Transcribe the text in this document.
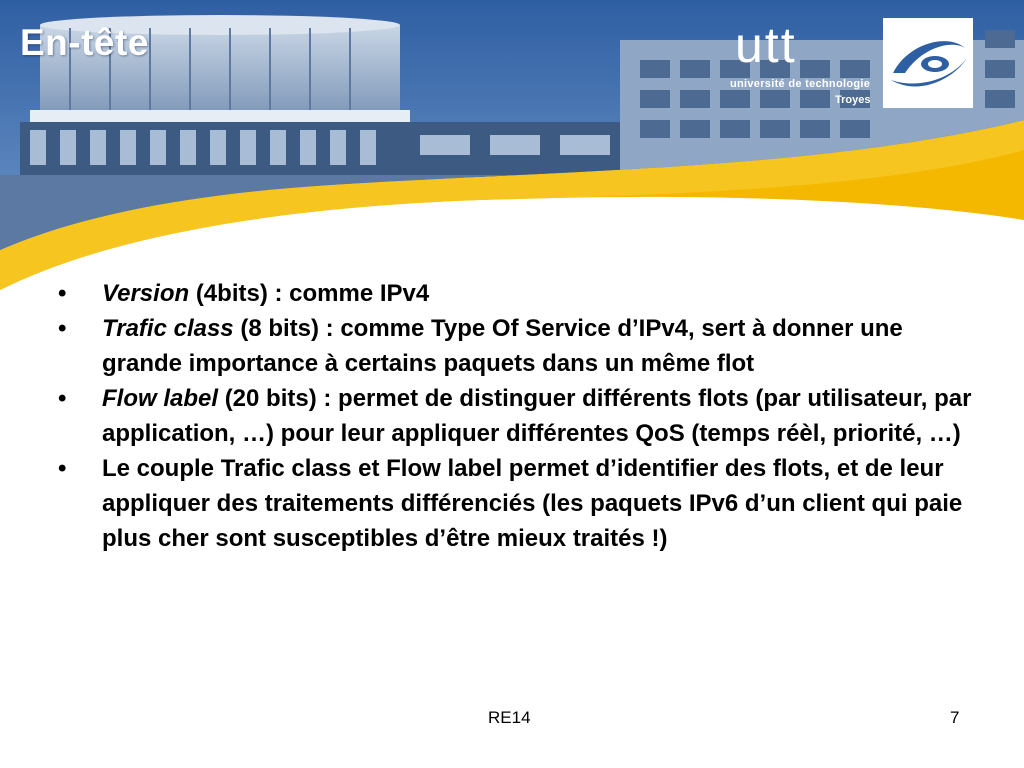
En-tête	utt
université de technologie
Troyes
• Version (4bits) : comme IPv4
• Trafic class (8 bits) : comme Type Of Service d’IPv4, sert à donner une grande importance à certains paquets dans un même flot
• Flow label (20 bits) : permet de distinguer différents flots (par utilisateur, par application, …) pour leur appliquer différentes QoS (temps réèl, priorité, …)
• Le couple Trafic class et Flow label permet d’identifier des flots, et de leur appliquer des traitements différenciés (les paquets IPv6 d’un client qui paie plus cher sont susceptibles d’être mieux traités !)
RE14	7
